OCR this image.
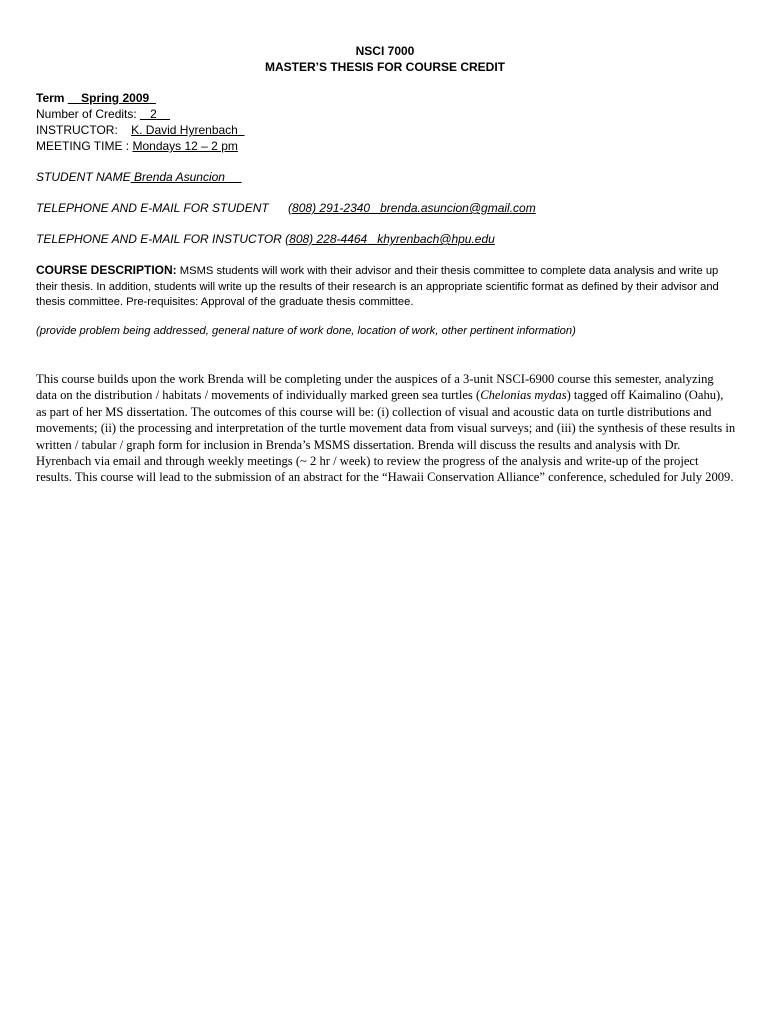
NSCI 7000
MASTER’S THESIS FOR COURSE CREDIT
Term Spring 2009
Number of Credits: 2
INSTRUCTOR: K. David Hyrenbach
MEETING TIME : Mondays 12 – 2 pm
STUDENT NAME Brenda Asuncion
TELEPHONE AND E-MAIL FOR STUDENT (808) 291-2340 brenda.asuncion@gmail.com
TELEPHONE AND E-MAIL FOR INSTUCTOR (808) 228-4464 khyrenbach@hpu.edu
COURSE DESCRIPTION: MSMS students will work with their advisor and their thesis committee to complete data analysis and write up their thesis. In addition, students will write up the results of their research is an appropriate scientific format as defined by their advisor and thesis committee. Pre-requisites: Approval of the graduate thesis committee.
(provide problem being addressed, general nature of work done, location of work, other pertinent information)
This course builds upon the work Brenda will be completing under the auspices of a 3-unit NSCI-6900 course this semester, analyzing data on the distribution / habitats / movements of individually marked green sea turtles (Chelonias mydas) tagged off Kaimalino (Oahu), as part of her MS dissertation. The outcomes of this course will be: (i) collection of visual and acoustic data on turtle distributions and movements; (ii) the processing and interpretation of the turtle movement data from visual surveys; and (iii) the synthesis of these results in written / tabular / graph form for inclusion in Brenda’s MSMS dissertation. Brenda will discuss the results and analysis with Dr. Hyrenbach via email and through weekly meetings (~ 2 hr / week) to review the progress of the analysis and write-up of the project results. This course will lead to the submission of an abstract for the “Hawaii Conservation Alliance” conference, scheduled for July 2009.
